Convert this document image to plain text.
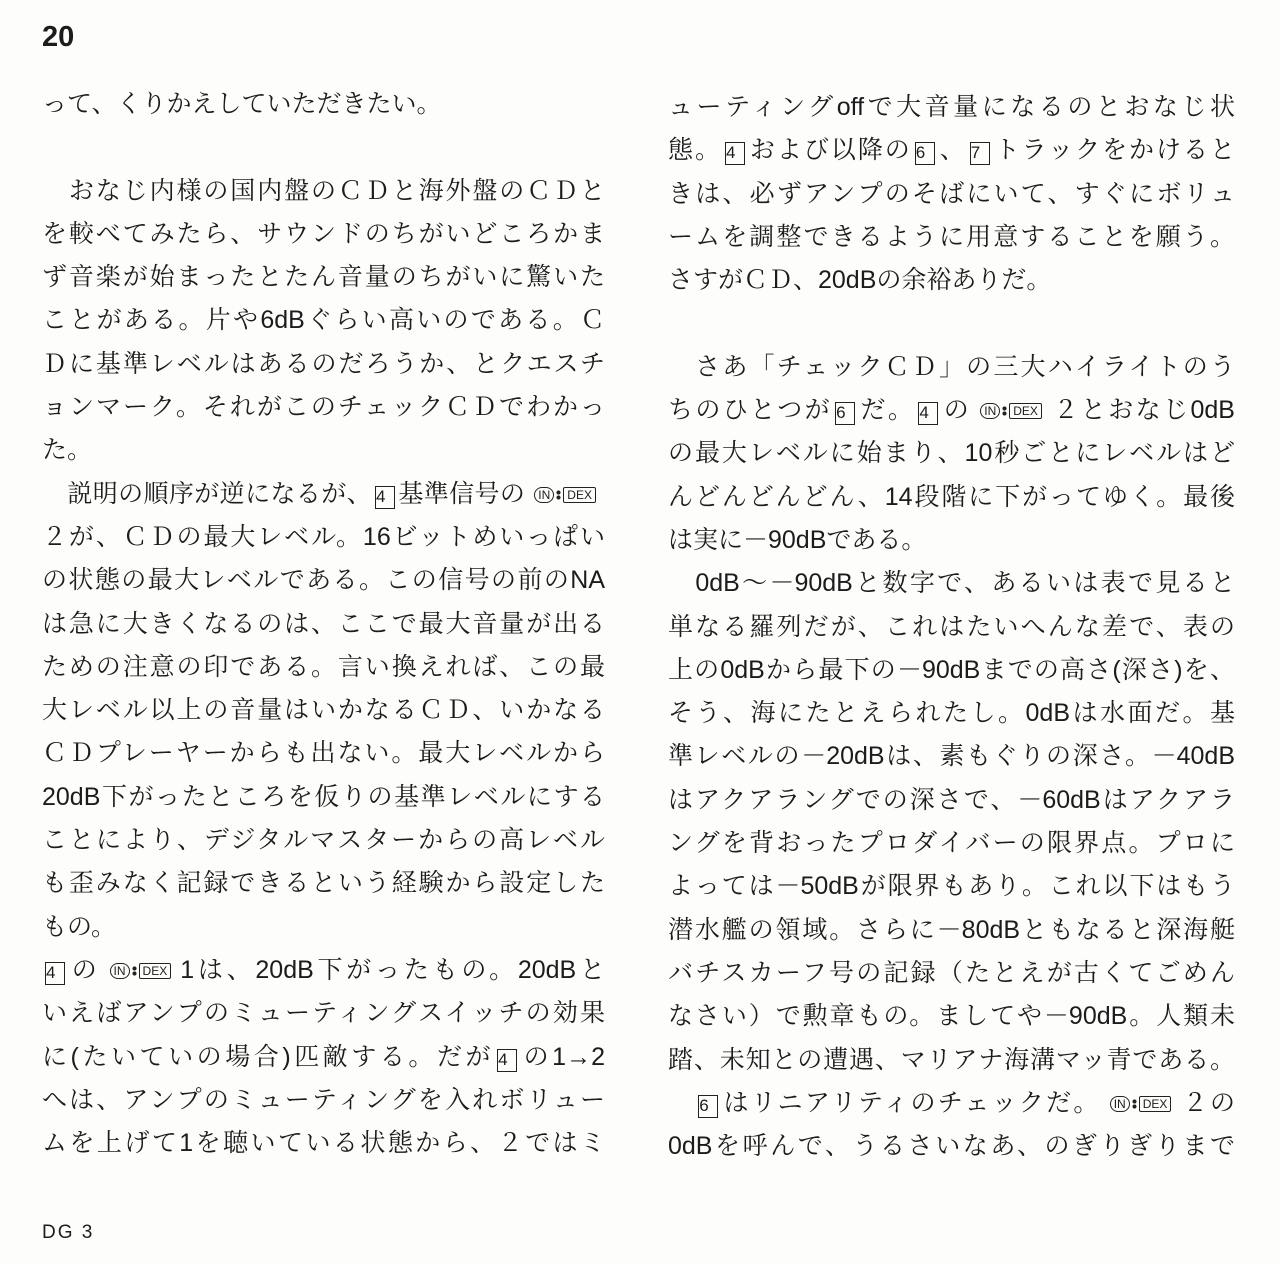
20
って、くりかえしていただきたい。
　おなじ内様の国内盤のＣＤと海外盤のＣＤと
を較べてみたら、サウンドのちがいどころかま
ず音楽が始まったとたん音量のちがいに驚いた
ことがある。片や6dBぐらい高いのである。Ｃ
Ｄに基準レベルはあるのだろうか、とクエスチ
ョンマーク。それがこのチェックＣＤでわかっ
た。
　説明の順序が逆になるが、 4 基準信号の	IN	DEX
２が、ＣＤの最大レベル。16ビットめいっぱい
の状態の最大レベルである。この信号の前のNA
は急に大きくなるのは、ここで最大音量が出る
ための注意の印である。言い換えれば、この最
大レベル以上の音量はいかなるＣＤ、いかなる
ＣＤプレーヤーからも出ない。最大レベルから
20dB下がったところを仮りの基準レベルにする
ことにより、デジタルマスターからの高レベル
も歪みなく記録できるという経験から設定した
もの。
4 の	IN	DEX 1は、20dB下がったもの。20dBと
いえばアンプのミューティングスイッチの効果
に(たいていの場合)匹敵する。だが 4 の1→2
へは、アンプのミューティングを入れボリュー
ムを上げて1を聴いている状態から、２ではミ
ューティングoffで大音量になるのとおなじ状
態。 4 および以降の 6 、 7 トラックをかけると
きは、必ずアンプのそばにいて、すぐにボリュ
ームを調整できるように用意することを願う。
さすがＣＤ、20dBの余裕ありだ。
　さあ「チェックＣＤ」の三大ハイライトのう
ちのひとつが 6 だ。 4 の	IN	DEX ２とおなじ0dB
の最大レベルに始まり、10秒ごとにレベルはど
んどんどんどん、14段階に下がってゆく。最後
は実に－90dBである。
　0dB～－90dBと数字で、あるいは表で見ると
単なる羅列だが、これはたいへんな差で、表の
上の0dBから最下の－90dBまでの高さ(深さ)を、
そう、海にたとえられたし。0dBは水面だ。基
準レベルの－20dBは、素もぐりの深さ。－40dB
はアクアラングでの深さで、－60dBはアクアラ
ングを背おったプロダイバーの限界点。プロに
よっては－50dBが限界もあり。これ以下はもう
潜水艦の領域。さらに－80dBともなると深海艇
バチスカーフ号の記録（たとえが古くてごめん
なさい）で勲章もの。ましてや－90dB。人類未
踏、未知との遭遇、マリアナ海溝マッ青である。
　6 はリニアリティのチェックだ。	IN	DEX ２の
0dBを呼んで、うるさいなあ、のぎりぎりまで
DG 3
